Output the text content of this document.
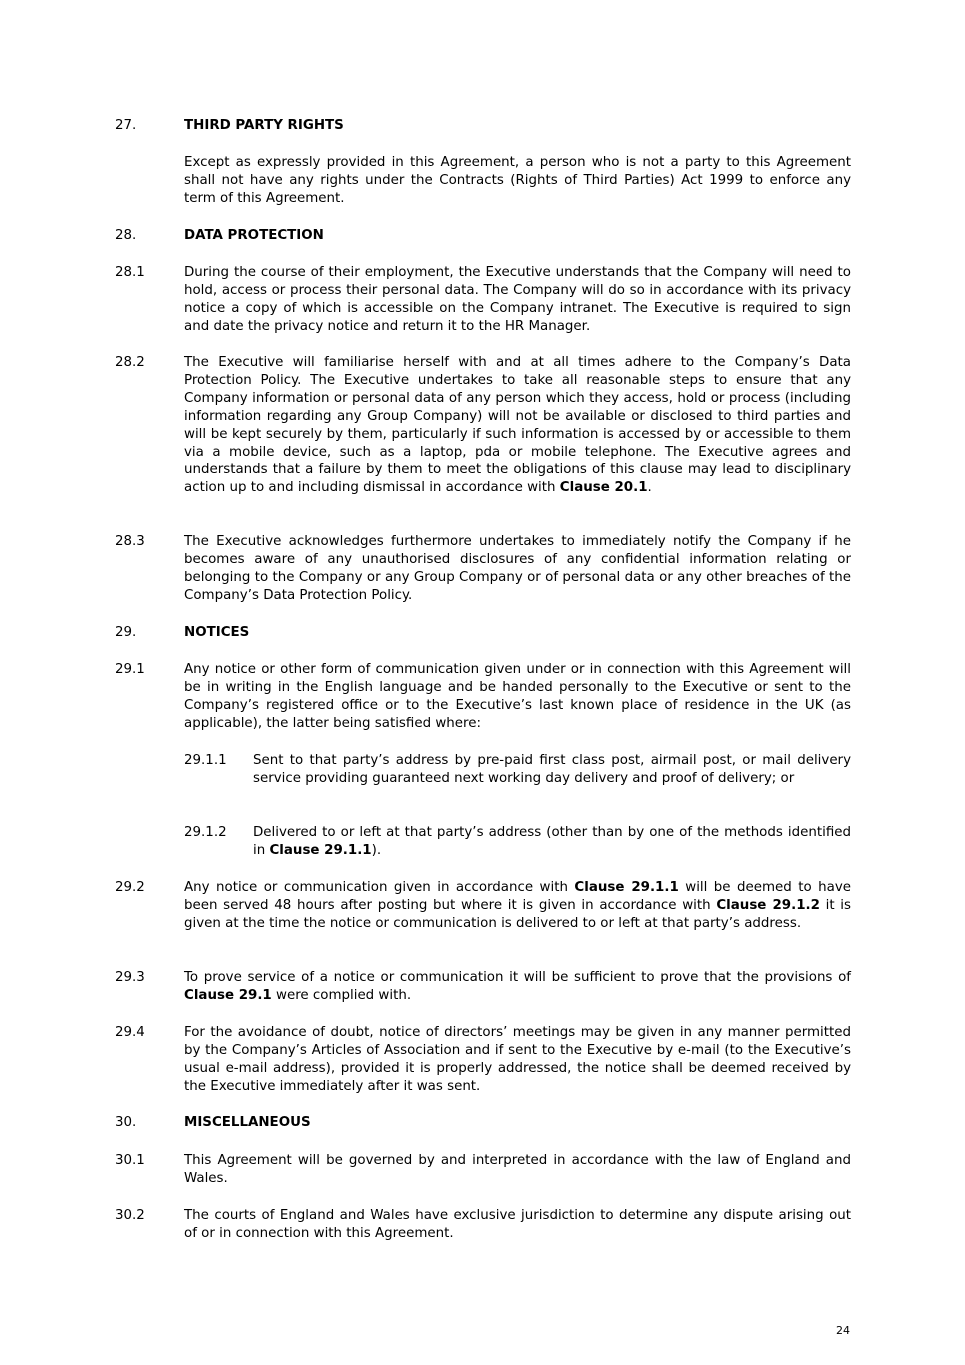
27.	THIRD PARTY RIGHTS
Except as expressly provided in this Agreement, a person who is not a party to this Agreement shall not have any rights under the Contracts (Rights of Third Parties) Act 1999 to enforce any term of this Agreement.
28.	DATA PROTECTION
28.1	During the course of their employment, the Executive understands that the Company will need to hold, access or process their personal data. The Company will do so in accordance with its privacy notice a copy of which is accessible on the Company intranet. The Executive is required to sign and date the privacy notice and return it to the HR Manager.
28.2	The Executive will familiarise herself with and at all times adhere to the Company’s Data Protection Policy. The Executive undertakes to take all reasonable steps to ensure that any Company information or personal data of any person which they access, hold or process (including information regarding any Group Company) will not be available or disclosed to third parties and will be kept securely by them, particularly if such information is accessed by or accessible to them via a mobile device, such as a laptop, pda or mobile telephone. The Executive agrees and understands that a failure by them to meet the obligations of this clause may lead to disciplinary action up to and including dismissal in accordance with Clause 20.1.
28.3	The Executive acknowledges furthermore undertakes to immediately notify the Company if he becomes aware of any unauthorised disclosures of any confidential information relating or belonging to the Company or any Group Company or of personal data or any other breaches of the Company’s Data Protection Policy.
29.	NOTICES
29.1	Any notice or other form of communication given under or in connection with this Agreement will be in writing in the English language and be handed personally to the Executive or sent to the Company’s registered office or to the Executive’s last known place of residence in the UK (as applicable), the latter being satisfied where:
29.1.1 Sent to that party’s address by pre-paid first class post, airmail post, or mail delivery service providing guaranteed next working day delivery and proof of delivery; or
29.1.2 Delivered to or left at that party’s address (other than by one of the methods identified in Clause 29.1.1).
29.2	Any notice or communication given in accordance with Clause 29.1.1 will be deemed to have been served 48 hours after posting but where it is given in accordance with Clause 29.1.2 it is given at the time the notice or communication is delivered to or left at that party’s address.
29.3	To prove service of a notice or communication it will be sufficient to prove that the provisions of Clause 29.1 were complied with.
29.4	For the avoidance of doubt, notice of directors’ meetings may be given in any manner permitted by the Company’s Articles of Association and if sent to the Executive by e-mail (to the Executive’s usual e-mail address), provided it is properly addressed, the notice shall be deemed received by the Executive immediately after it was sent.
30.	MISCELLANEOUS
30.1	This Agreement will be governed by and interpreted in accordance with the law of England and Wales.
30.2	The courts of England and Wales have exclusive jurisdiction to determine any dispute arising out of or in connection with this Agreement.
24
